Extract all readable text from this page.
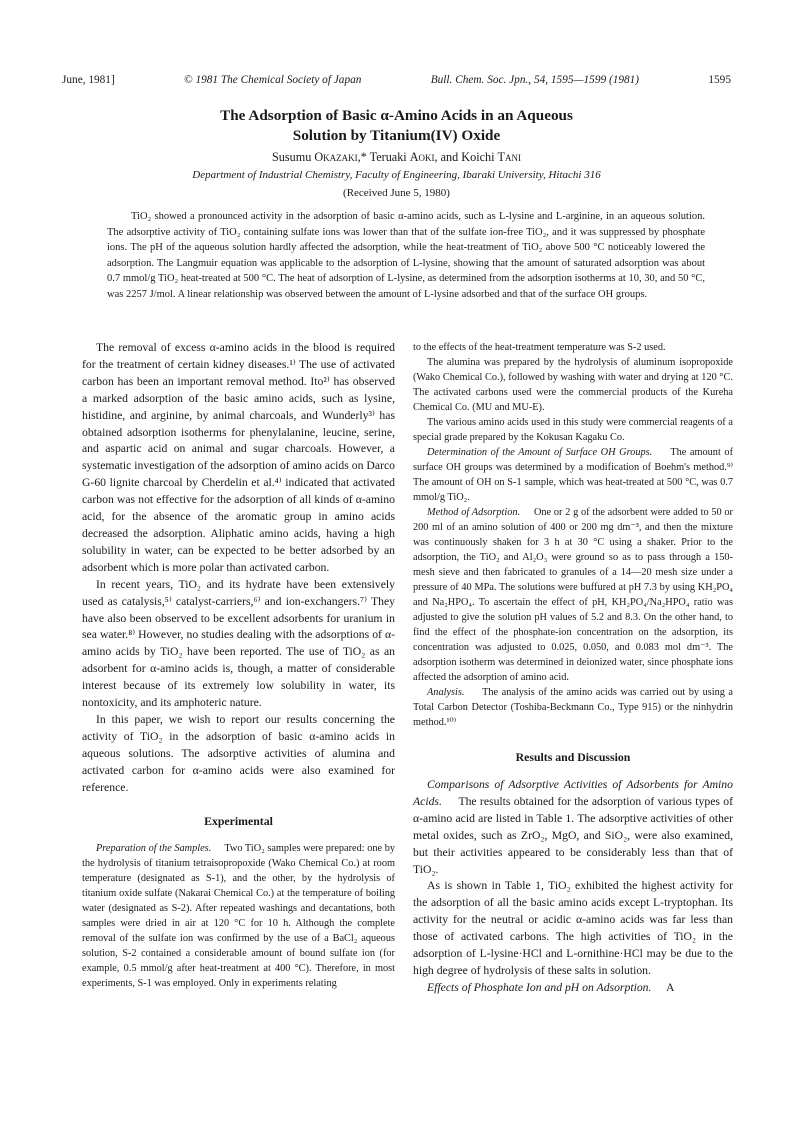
June, 1981]	© 1981 The Chemical Society of Japan	Bull. Chem. Soc. Jpn., 54, 1595—1599 (1981)	1595
The Adsorption of Basic α-Amino Acids in an Aqueous
Solution by Titanium(IV) Oxide
Susumu Okazaki,* Teruaki Aoki, and Koichi Tani
Department of Industrial Chemistry, Faculty of Engineering, Ibaraki University, Hitachi 316
(Received June 5, 1980)

TiO₂ showed a pronounced activity in the adsorption of basic α-amino acids, such as L-lysine and L-arginine, in an aqueous solution. The adsorptive activity of TiO₂ containing sulfate ions was lower than that of the sulfate ion-free TiO₂, and it was suppressed by phosphate ions. The pH of the aqueous solution hardly affected the adsorption, while the heat-treatment of TiO₂ above 500 °C noticeably lowered the adsorption. The Langmuir equation was applicable to the adsorption of L-lysine, showing that the amount of saturated adsorption was about 0.7 mmol/g TiO₂ heat-treated at 500 °C. The heat of adsorption of L-lysine, as determined from the adsorption isotherms at 10, 30, and 50 °C, was 2257 J/mol. A linear relationship was observed between the amount of L-lysine adsorbed and that of the surface OH groups.

The removal of excess α-amino acids in the blood is required for the treatment of certain kidney diseases.¹⁾ The use of activated carbon has been an important removal method. Ito²⁾ has observed a marked adsorption of the basic amino acids, such as lysine, histidine, and arginine, by animal charcoals, and Wunderly³⁾ has obtained adsorption isotherms for phenylalanine, leucine, serine, and aspartic acid on animal and sugar charcoals. However, a systematic investigation of the adsorption of amino acids on Darco G-60 lignite charcoal by Cherdelin et al.⁴⁾ indicated that activated carbon was not effective for the adsorption of all kinds of α-amino acid, for the absence of the aromatic group in amino acids decreased the adsorption. Aliphatic amino acids, having a high solubility in water, can be expected to be better adsorbed by an adsorbent which is more polar than activated carbon.

In recent years, TiO₂ and its hydrate have been extensively used as catalysis,⁵⁾ catalyst-carriers,⁶⁾ and ion-exchangers.⁷⁾ They have also been observed to be excellent adsorbents for uranium in sea water.⁸⁾ However, no studies dealing with the adsorptions of α-amino acids by TiO₂ have been reported. The use of TiO₂ as an adsorbent for α-amino acids is, though, a matter of considerable interest because of its extremely low solubility in water, its nontoxicity, and its amphoteric nature.

In this paper, we wish to report our results concerning the activity of TiO₂ in the adsorption of basic α-amino acids in aqueous solutions. The adsorptive activities of alumina and activated carbon for α-amino acids were also examined for reference.

Experimental

Preparation of the Samples. Two TiO₂ samples were prepared: one by the hydrolysis of titanium tetraisopropoxide (Wako Chemical Co.) at room temperature (designated as S-1), and the other, by the hydrolysis of titanium oxide sulfate (Nakarai Chemical Co.) at the temperature of boiling water (designated as S-2). After repeated washings and decantations, both samples were dried in air at 120 °C for 10 h. Although the complete removal of the sulfate ion was confirmed by the use of a BaCl₂ aqueous solution, S-2 contained a considerable amount of bound sulfate ion (for example, 0.5 mmol/g after heat-treatment at 400 °C). Therefore, in most experiments, S-1 was employed. Only in experiments relating

to the effects of the heat-treatment temperature was S-2 used.

The alumina was prepared by the hydrolysis of aluminum isopropoxide (Wako Chemical Co.), followed by washing with water and drying at 120 °C. The activated carbons used were the commercial products of the Kureha Chemical Co. (MU and MU-E).

The various amino acids used in this study were commercial reagents of a special grade prepared by the Kokusan Kagaku Co.

Determination of the Amount of Surface OH Groups. The amount of surface OH groups was determined by a modification of Boehm's method.⁹⁾ The amount of OH on S-1 sample, which was heat-treated at 500 °C, was 0.7 mmol/g TiO₂.

Method of Adsorption. One or 2 g of the adsorbent were added to 50 or 200 ml of an amino solution of 400 or 200 mg dm⁻³, and then the mixture was continuously shaken for 3 h at 30 °C using a shaker. Prior to the adsorption, the TiO₂ and Al₂O₃ were ground so as to pass through a 150-mesh sieve and then fabricated to granules of a 14—20 mesh size under a pressure of 40 MPa. The solutions were buffured at pH 7.3 by using KH₂PO₄ and Na₂HPO₄. To ascertain the effect of pH, KH₂PO₄/Na₂HPO₄ ratio was adjusted to give the solution pH values of 5.2 and 8.3. On the other hand, to find the effect of the phosphate-ion concentration on the adsorption, its concentration was adjusted to 0.025, 0.050, and 0.083 mol dm⁻³. The adsorption isotherm was determined in deionized water, since phosphate ions affected the adsorption of amino acid.

Analysis. The analysis of the amino acids was carried out by using a Total Carbon Detector (Toshiba-Beckmann Co., Type 915) or the ninhydrin method.¹⁰⁾

Results and Discussion

Comparisons of Adsorptive Activities of Adsorbents for Amino Acids. The results obtained for the adsorption of various types of α-amino acid are listed in Table 1. The adsorptive activities of other metal oxides, such as ZrO₂, MgO, and SiO₂, were also examined, but their activities appeared to be considerably less than that of TiO₂.

As is shown in Table 1, TiO₂ exhibited the highest activity for the adsorption of all the basic amino acids except L-tryptophan. Its activity for the neutral or acidic α-amino acids was far less than those of activated carbons. The high activities of TiO₂ in the adsorption of L-lysine·HCl and L-ornithine·HCl may be due to the high degree of hydrolysis of these salts in solution.

Effects of Phosphate Ion and pH on Adsorption. A
